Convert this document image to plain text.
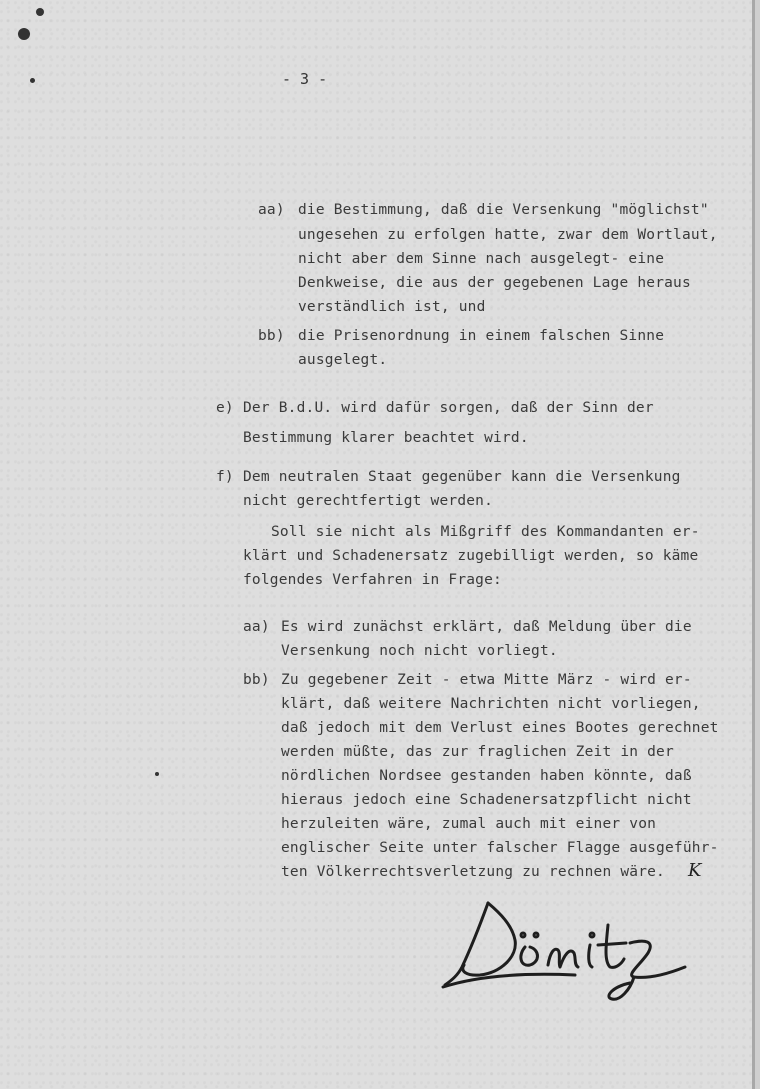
- 3 -
aa) die Bestimmung, daß die Versenkung "möglichst"
ungesehen zu erfolgen hatte, zwar dem Wortlaut,
nicht aber dem Sinne nach ausgelegt- eine
Denkweise, die aus der gegebenen Lage heraus
verständlich ist, und
bb) die Prisenordnung in einem falschen Sinne
ausgelegt.
e) Der B.d.U. wird dafür sorgen, daß der Sinn der
Bestimmung klarer beachtet wird.
f) Dem neutralen Staat gegenüber kann die Versenkung
nicht gerechtfertigt werden.
Soll sie nicht als Mißgriff des Kommandanten er-
klärt und Schadenersatz zugebilligt werden, so käme
folgendes Verfahren in Frage:
aa) Es wird zunächst erklärt, daß Meldung über die
Versenkung noch nicht vorliegt.
bb) Zu gegebener Zeit - etwa Mitte März - wird er-
klärt, daß weitere Nachrichten nicht vorliegen,
daß jedoch mit dem Verlust eines Bootes gerechnet
werden müßte, das zur fraglichen Zeit in der
nördlichen Nordsee gestanden haben könnte, daß
hieraus jedoch eine Schadenersatzpflicht nicht
herzuleiten wäre, zumal auch mit einer von
englischer Seite unter falscher Flagge ausgeführ-
ten Völkerrechtsverletzung zu rechnen wäre. K
